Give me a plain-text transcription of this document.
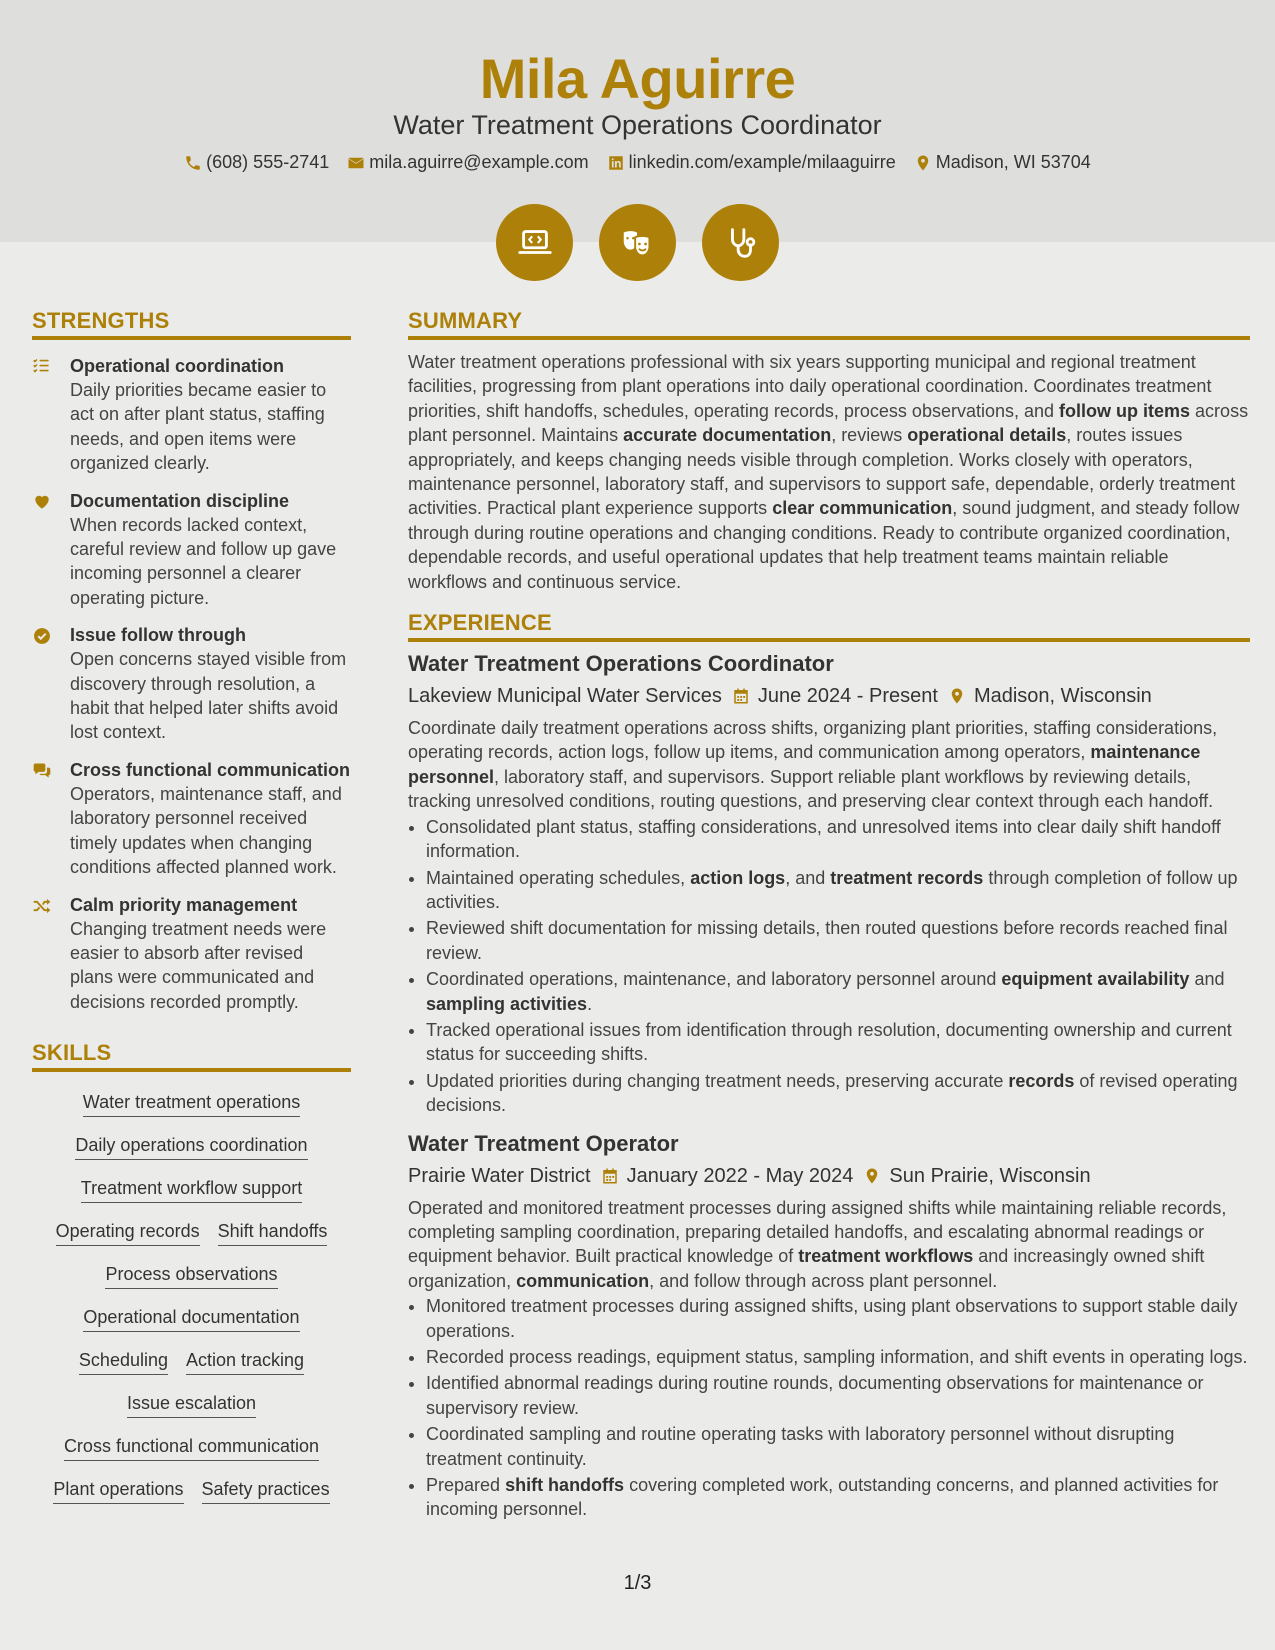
Mila Aguirre
Water Treatment Operations Coordinator
(608) 555-2741 mila.aguirre@example.com linkedin.com/example/milaaguirre Madison, WI 53704
STRENGTHS
Operational coordination
Daily priorities became easier to act on after plant status, staffing needs, and open items were organized clearly.
Documentation discipline
When records lacked context, careful review and follow up gave incoming personnel a clearer operating picture.
Issue follow through
Open concerns stayed visible from discovery through resolution, a habit that helped later shifts avoid lost context.
Cross functional communication
Operators, maintenance staff, and laboratory personnel received timely updates when changing conditions affected planned work.
Calm priority management
Changing treatment needs were easier to absorb after revised plans were communicated and decisions recorded promptly.
SKILLS
Water treatment operations
Daily operations coordination
Treatment workflow support
Operating records Shift handoffs
Process observations
Operational documentation
Scheduling Action tracking
Issue escalation
Cross functional communication
Plant operations Safety practices
SUMMARY

Water treatment operations professional with six years supporting municipal and regional treatment facilities, progressing from plant operations into daily operational coordination. Coordinates treatment priorities, shift handoffs, schedules, operating records, process observations, and follow up items across plant personnel. Maintains accurate documentation, reviews operational details, routes issues appropriately, and keeps changing needs visible through completion. Works closely with operators, maintenance personnel, laboratory staff, and supervisors to support safe, dependable, orderly treatment activities. Practical plant experience supports clear communication, sound judgment, and steady follow through during routine operations and changing conditions. Ready to contribute organized coordination, dependable records, and useful operational updates that help treatment teams maintain reliable workflows and continuous service.

EXPERIENCE
Water Treatment Operations Coordinator
Lakeview Municipal Water Services June 2024 - Present Madison, Wisconsin

Coordinate daily treatment operations across shifts, organizing plant priorities, staffing considerations, operating records, action logs, follow up items, and communication among operators, maintenance personnel, laboratory staff, and supervisors. Support reliable plant workflows by reviewing details, tracking unresolved conditions, routing questions, and preserving clear context through each handoff.

• Consolidated plant status, staffing considerations, and unresolved items into clear daily shift handoff information.
• Maintained operating schedules, action logs, and treatment records through completion of follow up activities.
• Reviewed shift documentation for missing details, then routed questions before records reached final review.
• Coordinated operations, maintenance, and laboratory personnel around equipment availability and sampling activities.
• Tracked operational issues from identification through resolution, documenting ownership and current status for succeeding shifts.
• Updated priorities during changing treatment needs, preserving accurate records of revised operating decisions.
Water Treatment Operator
Prairie Water District January 2022 - May 2024 Sun Prairie, Wisconsin

Operated and monitored treatment processes during assigned shifts while maintaining reliable records, completing sampling coordination, preparing detailed handoffs, and escalating abnormal readings or equipment behavior. Built practical knowledge of treatment workflows and increasingly owned shift organization, communication, and follow through across plant personnel.

• Monitored treatment processes during assigned shifts, using plant observations to support stable daily operations.
• Recorded process readings, equipment status, sampling information, and shift events in operating logs.
• Identified abnormal readings during routine rounds, documenting observations for maintenance or supervisory review.
• Coordinated sampling and routine operating tasks with laboratory personnel without disrupting treatment continuity.
• Prepared shift handoffs covering completed work, outstanding concerns, and planned activities for incoming personnel.
1/3
